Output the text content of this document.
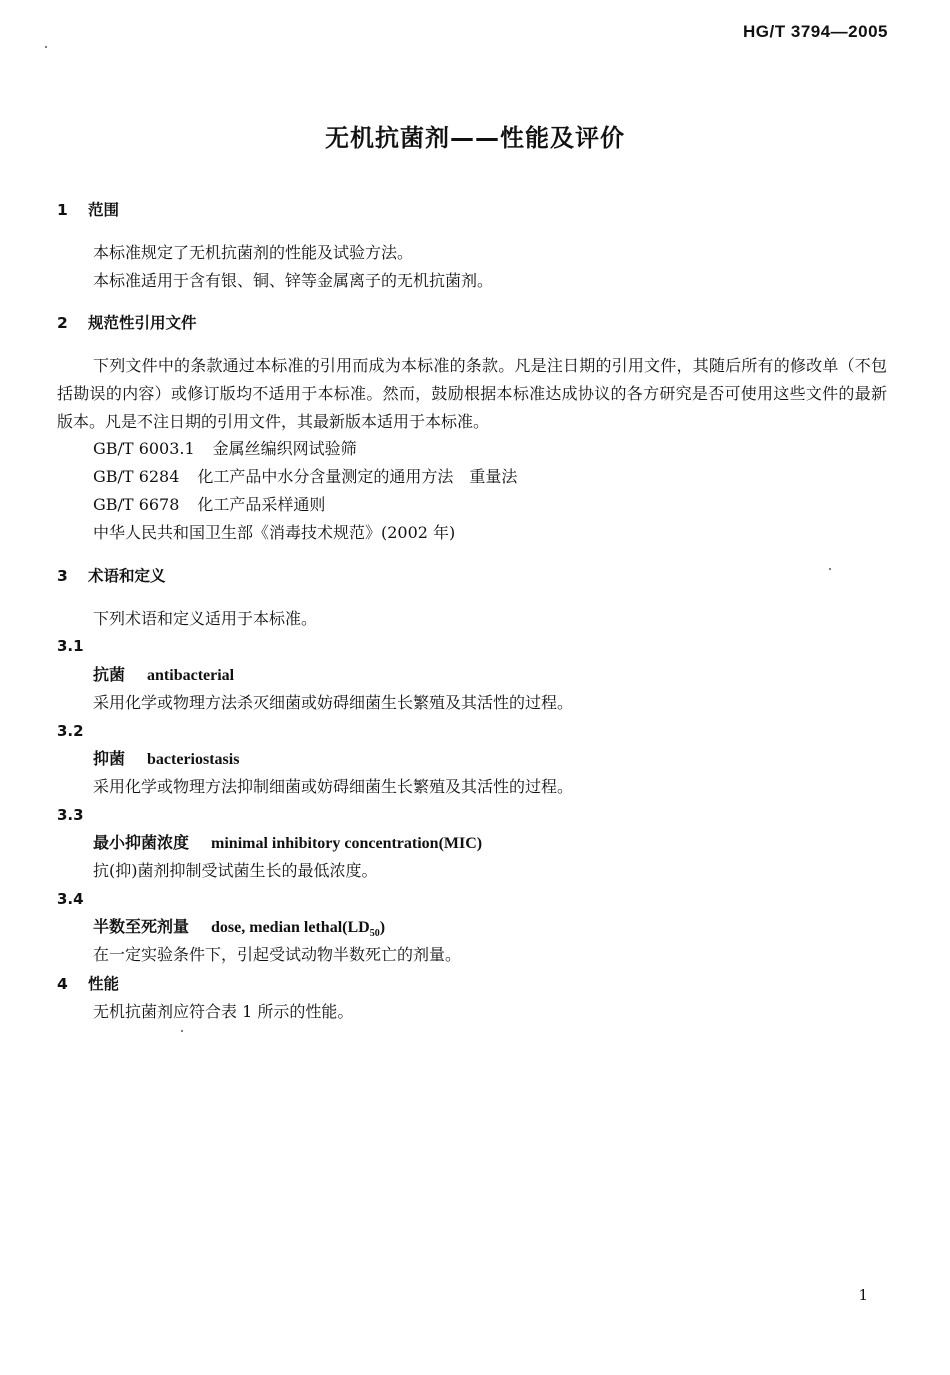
HG/T 3794—2005
无机抗菌剂——性能及评价
1 范围
本标准规定了无机抗菌剂的性能及试验方法。
本标准适用于含有银、铜、锌等金属离子的无机抗菌剂。
2 规范性引用文件

下列文件中的条款通过本标准的引用而成为本标准的条款。凡是注日期的引用文件，其随后所有的修改单（不包括勘误的内容）或修订版均不适用于本标准。然而，鼓励根据本标准达成协议的各方研究是否可使用这些文件的最新版本。凡是不注日期的引用文件，其最新版本适用于本标准。

GB/T 6003.1 金属丝编织网试验筛
GB/T 6284 化工产品中水分含量测定的通用方法　重量法
GB/T 6678 化工产品采样通则
中华人民共和国卫生部《消毒技术规范》(2002 年)
3 术语和定义
下列术语和定义适用于本标准。
3.1
抗菌 antibacterial
采用化学或物理方法杀灭细菌或妨碍细菌生长繁殖及其活性的过程。
3.2
抑菌 bacteriostasis
采用化学或物理方法抑制细菌或妨碍细菌生长繁殖及其活性的过程。
3.3
最小抑菌浓度 minimal inhibitory concentration(MIC)
抗(抑)菌剂抑制受试菌生长的最低浓度。
3.4
半数至死剂量 dose, median $lethal(LD_{50})$
在一定实验条件下，引起受试动物半数死亡的剂量。
4 性能
无机抗菌剂应符合表 1 所示的性能。
1
